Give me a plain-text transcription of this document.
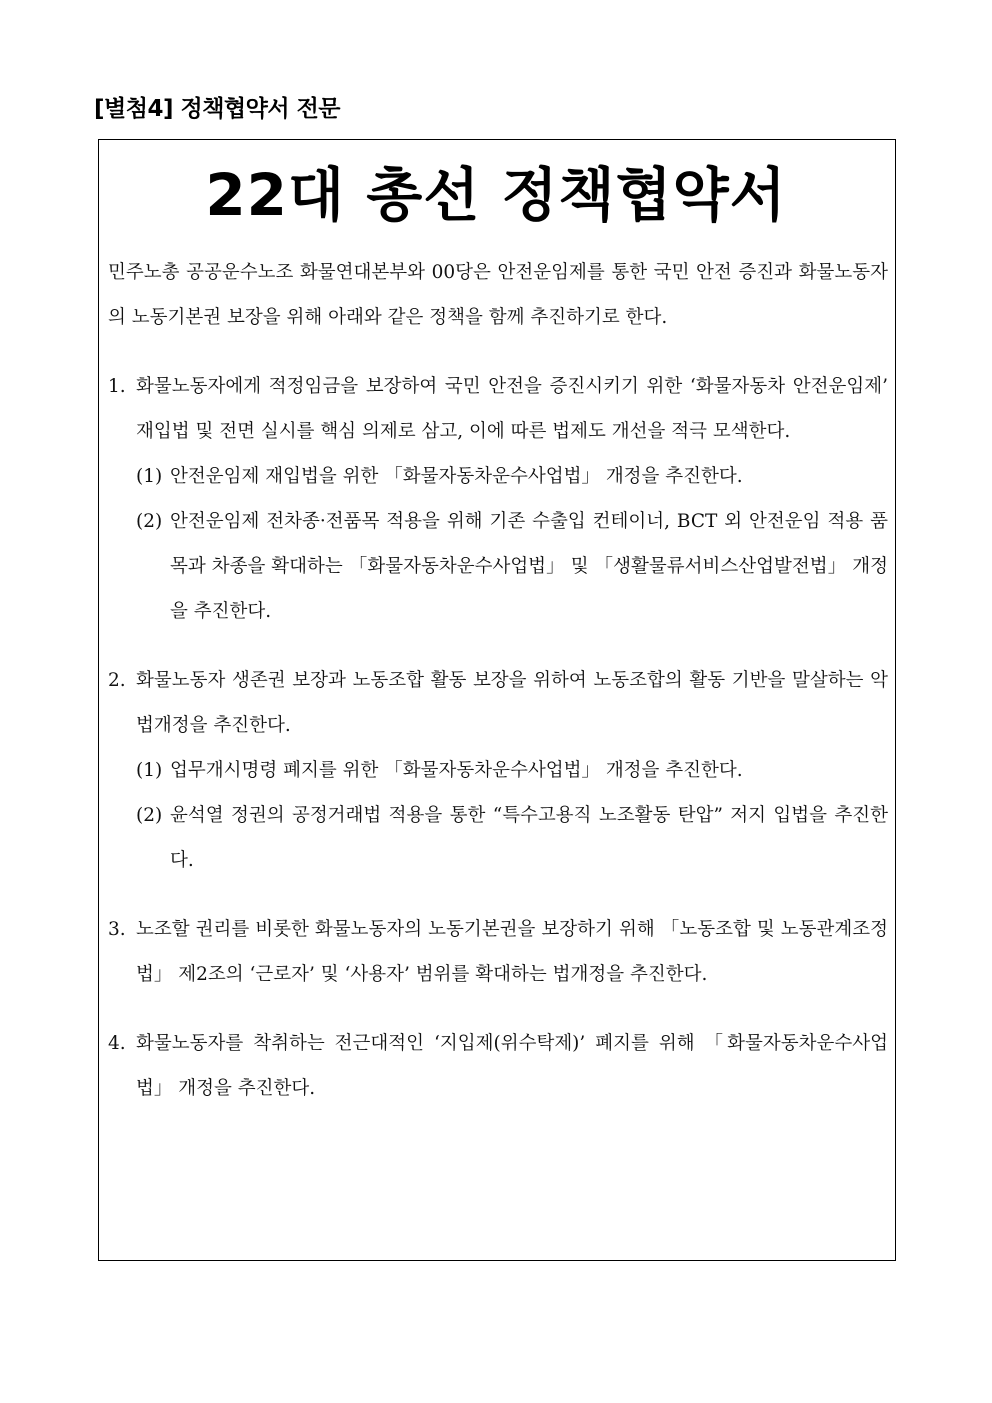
[별첨4] 정책협약서 전문
22대 총선 정책협약서

민주노총 공공운수노조 화물연대본부와 00당은 안전운임제를 통한 국민 안전 증진과 화물노동자의 노동기본권 보장을 위해 아래와 같은 정책을 함께 추진하기로 한다.

1. 화물노동자에게 적정임금을 보장하여 국민 안전을 증진시키기 위한 ‘화물자동차 안전운임제’ 재입법 및 전면 실시를 핵심 의제로 삼고, 이에 따른 법제도 개선을 적극 모색한다.

(1) 안전운임제 재입법을 위한 「화물자동차운수사업법」 개정을 추진한다.

(2) 안전운임제 전차종·전품목 적용을 위해 기존 수출입 컨테이너, BCT 외 안전운임 적용 품목과 차종을 확대하는 「화물자동차운수사업법」 및 「생활물류서비스산업발전법」 개정을 추진한다.

2. 화물노동자 생존권 보장과 노동조합 활동 보장을 위하여 노동조합의 활동 기반을 말살하는 악법개정을 추진한다.

(1) 업무개시명령 폐지를 위한 「화물자동차운수사업법」 개정을 추진한다.

(2) 윤석열 정권의 공정거래법 적용을 통한 “특수고용직 노조활동 탄압” 저지 입법을 추진한다.

3. 노조할 권리를 비롯한 화물노동자의 노동기본권을 보장하기 위해 「노동조합 및 노동관계조정법」 제2조의 ‘근로자’ 및 ‘사용자’ 범위를 확대하는 법개정을 추진한다.

4. 화물노동자를 착취하는 전근대적인 ‘지입제(위수탁제)’ 폐지를 위해 「화물자동차운수사업법」 개정을 추진한다.
